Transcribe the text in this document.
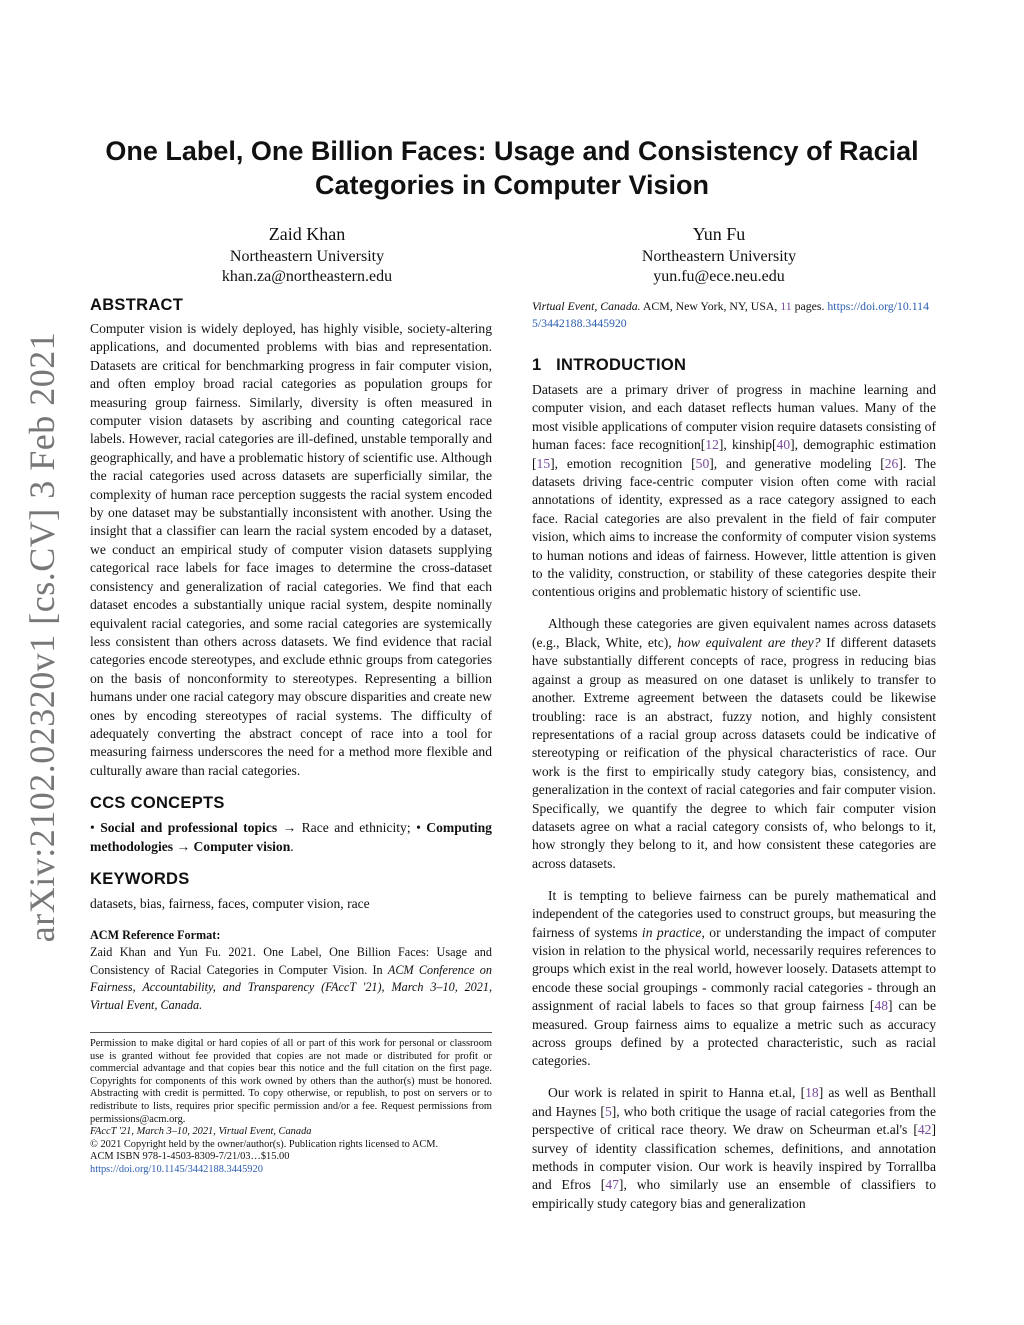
arXiv:2102.02320v1 [cs.CV] 3 Feb 2021
One Label, One Billion Faces: Usage and Consistency of Racial Categories in Computer Vision
Zaid Khan
Northeastern University
khan.za@northeastern.edu
Yun Fu
Northeastern University
yun.fu@ece.neu.edu
ABSTRACT

Computer vision is widely deployed, has highly visible, society-altering applications, and documented problems with bias and representation. Datasets are critical for benchmarking progress in fair computer vision, and often employ broad racial categories as population groups for measuring group fairness. Similarly, diversity is often measured in computer vision datasets by ascribing and counting categorical race labels. However, racial categories are ill-defined, unstable temporally and geographically, and have a problematic history of scientific use. Although the racial categories used across datasets are superficially similar, the complexity of human race perception suggests the racial system encoded by one dataset may be substantially inconsistent with another. Using the insight that a classifier can learn the racial system encoded by a dataset, we conduct an empirical study of computer vision datasets supplying categorical race labels for face images to determine the cross-dataset consistency and generalization of racial categories. We find that each dataset encodes a substantially unique racial system, despite nominally equivalent racial categories, and some racial categories are systemically less consistent than others across datasets. We find evidence that racial categories encode stereotypes, and exclude ethnic groups from categories on the basis of nonconformity to stereotypes. Representing a billion humans under one racial category may obscure disparities and create new ones by encoding stereotypes of racial systems. The difficulty of adequately converting the abstract concept of race into a tool for measuring fairness underscores the need for a method more flexible and culturally aware than racial categories.

CCS CONCEPTS

• Social and professional topics → Race and ethnicity; • Computing methodologies → Computer vision.

KEYWORDS

datasets, bias, fairness, faces, computer vision, race

ACM Reference Format:
Zaid Khan and Yun Fu. 2021. One Label, One Billion Faces: Usage and Consistency of Racial Categories in Computer Vision. In ACM Conference on Fairness, Accountability, and Transparency (FAccT '21), March 3–10, 2021, Virtual Event, Canada.
Permission to make digital or hard copies of all or part of this work for personal or classroom use is granted without fee provided that copies are not made or distributed for profit or commercial advantage and that copies bear this notice and the full citation on the first page. Copyrights for components of this work owned by others than the author(s) must be honored. Abstracting with credit is permitted. To copy otherwise, or republish, to post on servers or to redistribute to lists, requires prior specific permission and/or a fee. Request permissions from permissions@acm.org.
FAccT '21, March 3–10, 2021, Virtual Event, Canada
© 2021 Copyright held by the owner/author(s). Publication rights licensed to ACM.
ACM ISBN 978-1-4503-8309-7/21/03…$15.00
https://doi.org/10.1145/3442188.3445920
Virtual Event, Canada. ACM, New York, NY, USA, 11 pages. https://doi.org/10.1145/3442188.3445920
1 INTRODUCTION

Datasets are a primary driver of progress in machine learning and computer vision, and each dataset reflects human values. Many of the most visible applications of computer vision require datasets consisting of human faces: face recognition[12], kinship[40], demographic estimation [15], emotion recognition [50], and generative modeling [26]. The datasets driving face-centric computer vision often come with racial annotations of identity, expressed as a race category assigned to each face. Racial categories are also prevalent in the field of fair computer vision, which aims to increase the conformity of computer vision systems to human notions and ideas of fairness. However, little attention is given to the validity, construction, or stability of these categories despite their contentious origins and problematic history of scientific use.

Although these categories are given equivalent names across datasets (e.g., Black, White, etc), how equivalent are they? If different datasets have substantially different concepts of race, progress in reducing bias against a group as measured on one dataset is unlikely to transfer to another. Extreme agreement between the datasets could be likewise troubling: race is an abstract, fuzzy notion, and highly consistent representations of a racial group across datasets could be indicative of stereotyping or reification of the physical characteristics of race. Our work is the first to empirically study category bias, consistency, and generalization in the context of racial categories and fair computer vision. Specifically, we quantify the degree to which fair computer vision datasets agree on what a racial category consists of, who belongs to it, how strongly they belong to it, and how consistent these categories are across datasets.

It is tempting to believe fairness can be purely mathematical and independent of the categories used to construct groups, but measuring the fairness of systems in practice, or understanding the impact of computer vision in relation to the physical world, necessarily requires references to groups which exist in the real world, however loosely. Datasets attempt to encode these social groupings - commonly racial categories - through an assignment of racial labels to faces so that group fairness [48] can be measured. Group fairness aims to equalize a metric such as accuracy across groups defined by a protected characteristic, such as racial categories.

Our work is related in spirit to Hanna et.al, [18] as well as Benthall and Haynes [5], who both critique the usage of racial categories from the perspective of critical race theory. We draw on Scheurman et.al's [42] survey of identity classification schemes, definitions, and annotation methods in computer vision. Our work is heavily inspired by Torrallba and Efros [47], who similarly use an ensemble of classifiers to empirically study category bias and generalization
